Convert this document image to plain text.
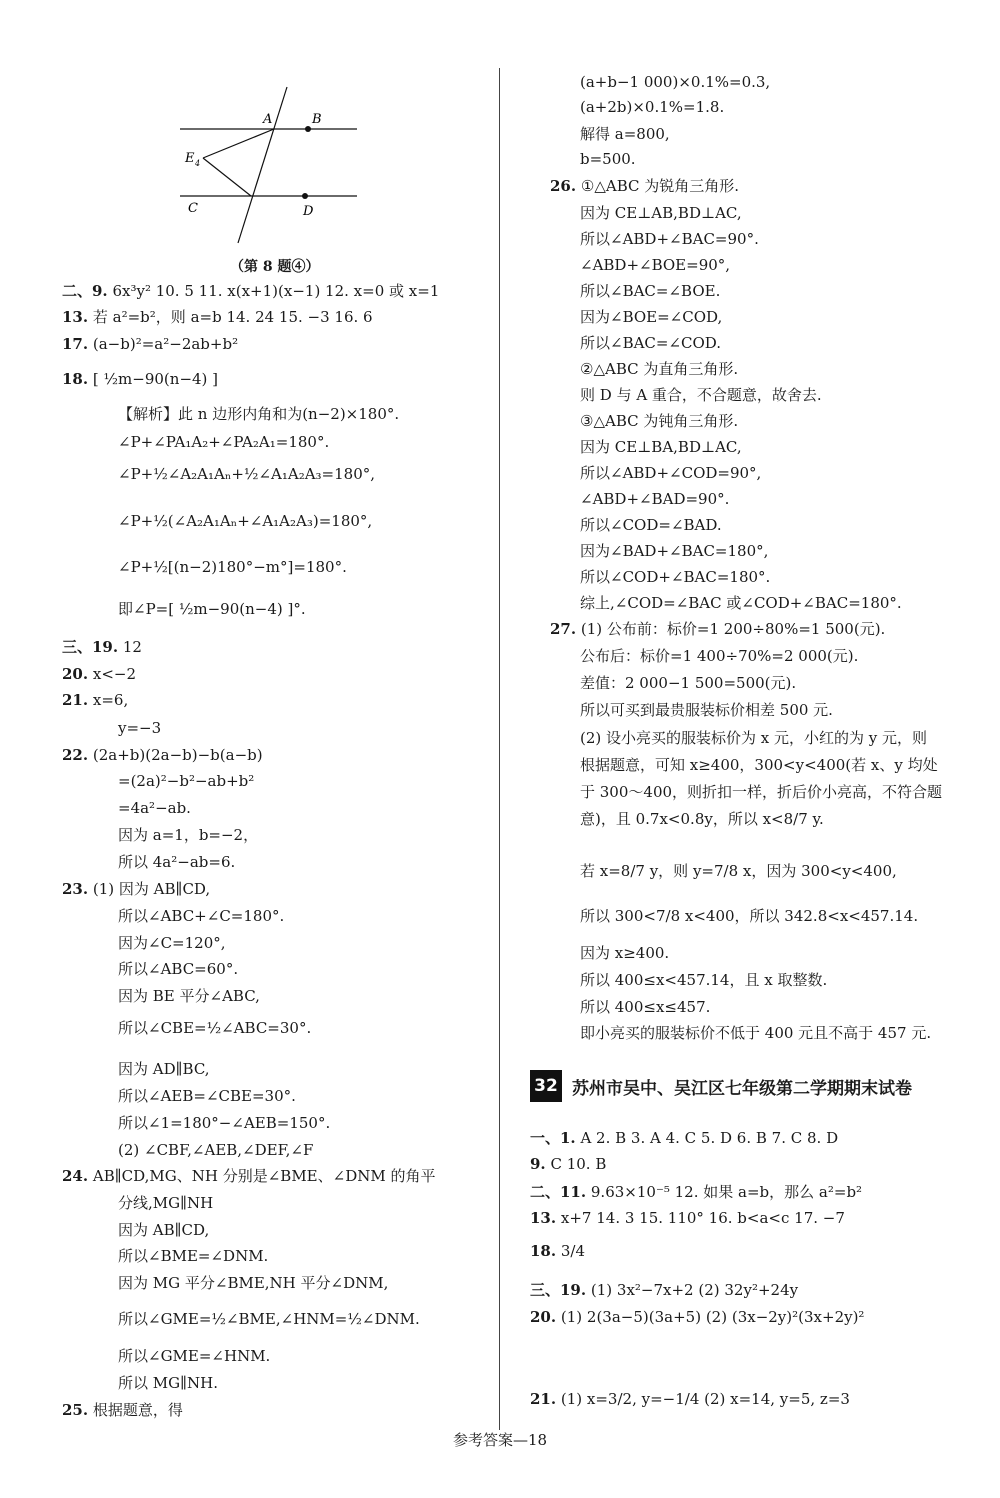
A	B
E 4
C	D
（第 8 题④）
二、9. 6x³y² 10. 5 11. x(x+1)(x−1) 12. x=0 或 x=1
13. 若 a²=b²，则 a=b 14. 24 15. −3 16. 6
17. (a−b)²=a²−2ab+b²
18. [ ½m−90(n−4) ]
【解析】此 n 边形内角和为(n−2)×180°.
∠P+∠PA₁A₂+∠PA₂A₁=180°.
∠P+½∠A₂A₁Aₙ+½∠A₁A₂A₃=180°,
∠P+½(∠A₂A₁Aₙ+∠A₁A₂A₃)=180°,
∠P+½[(n−2)180°−m°]=180°.
即∠P=[ ½m−90(n−4) ]°.
三、19. 12
20. x<−2
21. x=6,
y=−3
22. (2a+b)(2a−b)−b(a−b)
=(2a)²−b²−ab+b²
=4a²−ab.
因为 a=1，b=−2，
所以 4a²−ab=6.
23. (1) 因为 AB∥CD,
所以∠ABC+∠C=180°.
因为∠C=120°,
所以∠ABC=60°.
因为 BE 平分∠ABC,
所以∠CBE=½∠ABC=30°.
因为 AD∥BC,
所以∠AEB=∠CBE=30°.
所以∠1=180°−∠AEB=150°.
(2) ∠CBF,∠AEB,∠DEF,∠F
24. AB∥CD,MG、NH 分别是∠BME、∠DNM 的角平
分线,MG∥NH
因为 AB∥CD,
所以∠BME=∠DNM.
因为 MG 平分∠BME,NH 平分∠DNM,
所以∠GME=½∠BME,∠HNM=½∠DNM.
所以∠GME=∠HNM.
所以 MG∥NH.
25. 根据题意，得
(a+b−1 000)×0.1%=0.3,
(a+2b)×0.1%=1.8.
解得 a=800,
b=500.
26. ①△ABC 为锐角三角形.
因为 CE⊥AB,BD⊥AC,
所以∠ABD+∠BAC=90°.
∠ABD+∠BOE=90°,
所以∠BAC=∠BOE.
因为∠BOE=∠COD,
所以∠BAC=∠COD.
②△ABC 为直角三角形.
则 D 与 A 重合，不合题意，故舍去.
③△ABC 为钝角三角形.
因为 CE⊥BA,BD⊥AC,
所以∠ABD+∠COD=90°,
∠ABD+∠BAD=90°.
所以∠COD=∠BAD.
因为∠BAD+∠BAC=180°,
所以∠COD+∠BAC=180°.
综上,∠COD=∠BAC 或∠COD+∠BAC=180°.
27. (1) 公布前：标价=1 200÷80%=1 500(元).
公布后：标价=1 400÷70%=2 000(元).
差值：2 000−1 500=500(元).
所以可买到最贵服装标价相差 500 元.
(2) 设小亮买的服装标价为 x 元，小红的为 y 元，则
根据题意，可知 x≥400，300<y<400(若 x、y 均处
于 300～400，则折扣一样，折后价小亮高，不符合题
意)，且 0.7x<0.8y，所以 x<8/7 y.
若 x=8/7 y，则 y=7/8 x，因为 300<y<400,
所以 300<7/8 x<400，所以 342.8<x<457.14.
因为 x≥400.
所以 400≤x<457.14，且 x 取整数.
所以 400≤x≤457.
即小亮买的服装标价不低于 400 元且不高于 457 元.
32 苏州市吴中、吴江区七年级第二学期期末试卷
一、1. A 2. B 3. A 4. C 5. D 6. B 7. C 8. D
9. C 10. B
二、11. 9.63×10⁻⁵ 12. 如果 a=b，那么 a²=b²
13. x+7 14. 3 15. 110° 16. b<a<c 17. −7
18. 3/4
三、19. (1) 3x²−7x+2 (2) 32y²+24y
20. (1) 2(3a−5)(3a+5) (2) (3x−2y)²(3x+2y)²
21. (1) x=3/2, y=−1/4 (2) x=14, y=5, z=3
参考答案—18
